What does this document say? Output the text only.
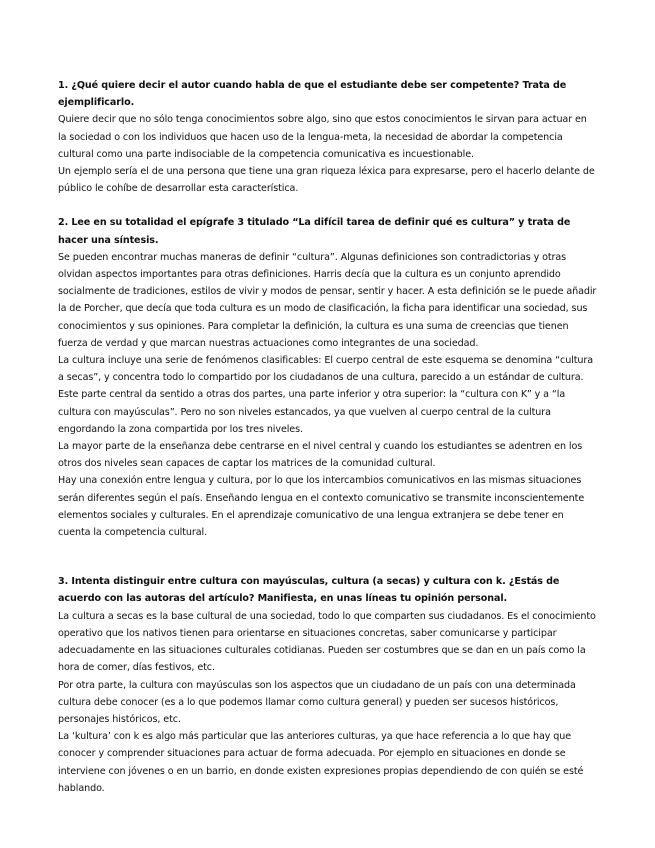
1. ¿Qué quiere decir el autor cuando habla de que el estudiante debe ser competente? Trata de ejemplificarlo.

Quiere decir que no sólo tenga conocimientos sobre algo, sino que estos conocimientos le sirvan para actuar en la sociedad o con los individuos que hacen uso de la lengua-meta, la necesidad de abordar la competencia cultural como una parte indisociable de la competencia comunicativa es incuestionable.

Un ejemplo sería el de una persona que tiene una gran riqueza léxica para expresarse, pero el hacerlo delante de público le cohíbe de desarrollar esta característica.

2. Lee en su totalidad el epígrafe 3 titulado “La difícil tarea de definir qué es cultura” y trata de hacer una síntesis.

Se pueden encontrar muchas maneras de definir “cultura”. Algunas definiciones son contradictorias y otras olvidan aspectos importantes para otras definiciones. Harris decía que la cultura es un conjunto aprendido socialmente de tradiciones, estilos de vivir y modos de pensar, sentir y hacer. A esta definición se le puede añadir la de Porcher, que decía que toda cultura es un modo de clasificación, la ficha para identificar una sociedad, sus conocimientos y sus opiniones. Para completar la definición, la cultura es una suma de creencias que tienen fuerza de verdad y que marcan nuestras actuaciones como integrantes de una sociedad.

La cultura incluye una serie de fenómenos clasificables: El cuerpo central de este esquema se denomina “cultura a secas”, y concentra todo lo compartido por los ciudadanos de una cultura, parecido a un estándar de cultura. Este parte central da sentido a otras dos partes, una parte inferior y otra superior: la “cultura con K” y a “la cultura con mayúsculas”. Pero no son niveles estancados, ya que vuelven al cuerpo central de la cultura engordando la zona compartida por los tres niveles.

La mayor parte de la enseñanza debe centrarse en el nivel central y cuando los estudiantes se adentren en los otros dos niveles sean capaces de captar los matrices de la comunidad cultural.

Hay una conexión entre lengua y cultura, por lo que los intercambios comunicativos en las mismas situaciones serán diferentes según el país. Enseñando lengua en el contexto comunicativo se transmite inconscientemente elementos sociales y culturales. En el aprendizaje comunicativo de una lengua extranjera se debe tener en cuenta la competencia cultural.

3. Intenta distinguir entre cultura con mayúsculas, cultura (a secas) y cultura con k. ¿Estás de acuerdo con las autoras del artículo? Manifiesta, en unas líneas tu opinión personal.

La cultura a secas es la base cultural de una sociedad, todo lo que comparten sus ciudadanos. Es el conocimiento operativo que los nativos tienen para orientarse en situaciones concretas, saber comunicarse y participar adecuadamente en las situaciones culturales cotidianas. Pueden ser costumbres que se dan en un país como la hora de comer, días festivos, etc.

Por otra parte, la cultura con mayúsculas son los aspectos que un ciudadano de un país con una determinada cultura debe conocer (es a lo que podemos llamar como cultura general) y pueden ser sucesos históricos, personajes históricos, etc.

La ‘kultura’ con k es algo más particular que las anteriores culturas, ya que hace referencia a lo que hay que conocer y comprender situaciones para actuar de forma adecuada. Por ejemplo en situaciones en donde se interviene con jóvenes o en un barrio, en donde existen expresiones propias dependiendo de con quién se esté hablando.
